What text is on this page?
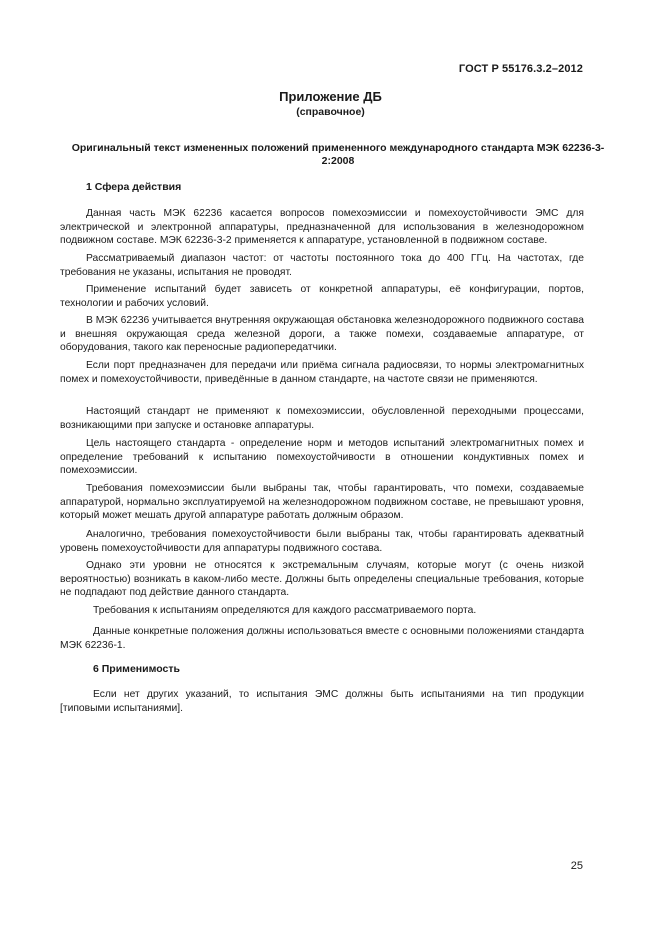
ГОСТ Р 55176.3.2–2012
Приложение ДБ
(справочное)
Оригинальный текст измененных положений примененного международного стандарта МЭК 62236-3-2:2008
1 Сфера действия

Данная часть МЭК 62236 касается вопросов помехоэмиссии и помехоустойчивости ЭМС для электрической и электронной аппаратуры, предназначенной для использования в железнодорожном подвижном составе. МЭК 62236-3-2 применяется к аппаратуре, установленной в подвижном составе.

Рассматриваемый диапазон частот: от частоты постоянного тока до 400 ГГц. На частотах, где требования не указаны, испытания не проводят.

Применение испытаний будет зависеть от конкретной аппаратуры, её конфигурации, портов, технологии и рабочих условий.

В МЭК 62236 учитывается внутренняя окружающая обстановка железнодорожного подвижного состава и внешняя окружающая среда железной дороги, а также помехи, создаваемые аппаратуре, от оборудования, такого как переносные радиопередатчики.

Если порт предназначен для передачи или приёма сигнала радиосвязи, то нормы электромагнитных помех и помехоустойчивости, приведённые в данном стандарте, на частоте связи не применяются.

Настоящий стандарт не применяют к помехоэмиссии, обусловленной переходными процессами, возникающими при запуске и остановке аппаратуры.

Цель настоящего стандарта - определение норм и методов испытаний электромагнитных помех и определение требований к испытанию помехоустойчивости в отношении кондуктивных помех и помехоэмиссии.

Требования помехоэмиссии были выбраны так, чтобы гарантировать, что помехи, создаваемые аппаратурой, нормально эксплуатируемой на железнодорожном подвижном составе, не превышают уровня, который может мешать другой аппаратуре работать должным образом.

Аналогично, требования помехоустойчивости были выбраны так, чтобы гарантировать адекватный уровень помехоустойчивости для аппаратуры подвижного состава.

Однако эти уровни не относятся к экстремальным случаям, которые могут (с очень низкой вероятностью) возникать в каком-либо месте. Должны быть определены специальные требования, которые не подпадают под действие данного стандарта.

Требования к испытаниям определяются для каждого рассматриваемого порта.

Данные конкретные положения должны использоваться вместе с основными положениями стандарта МЭК 62236-1.

6 Применимость

Если нет других указаний, то испытания ЭМС должны быть испытаниями на тип продукции [типовыми испытаниями].

25
